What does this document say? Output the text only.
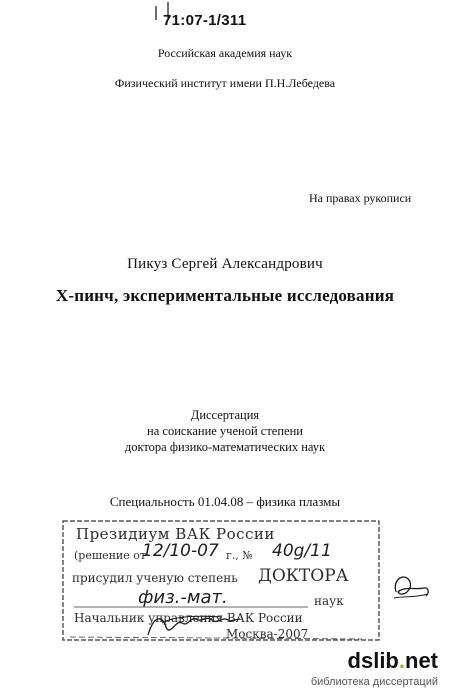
71:07-1/311
Российская академия наук
Физический институт имени П.Н.Лебедева
На правах рукописи
Пикуз Сергей Александрович
Х-пинч, экспериментальные исследования
Диссертация
на соискание ученой степени
доктора физико-математических наук
Специальность 01.04.08 – физика плазмы
Президиум ВАК России
(решение от
12/10-07 г., № 40g/11
присудил ученую степень ДОКТОРА
физ.-мат.	наук
Начальник управления ВАК России
Москва-2007
dslib.net
библиотека диссертаций
